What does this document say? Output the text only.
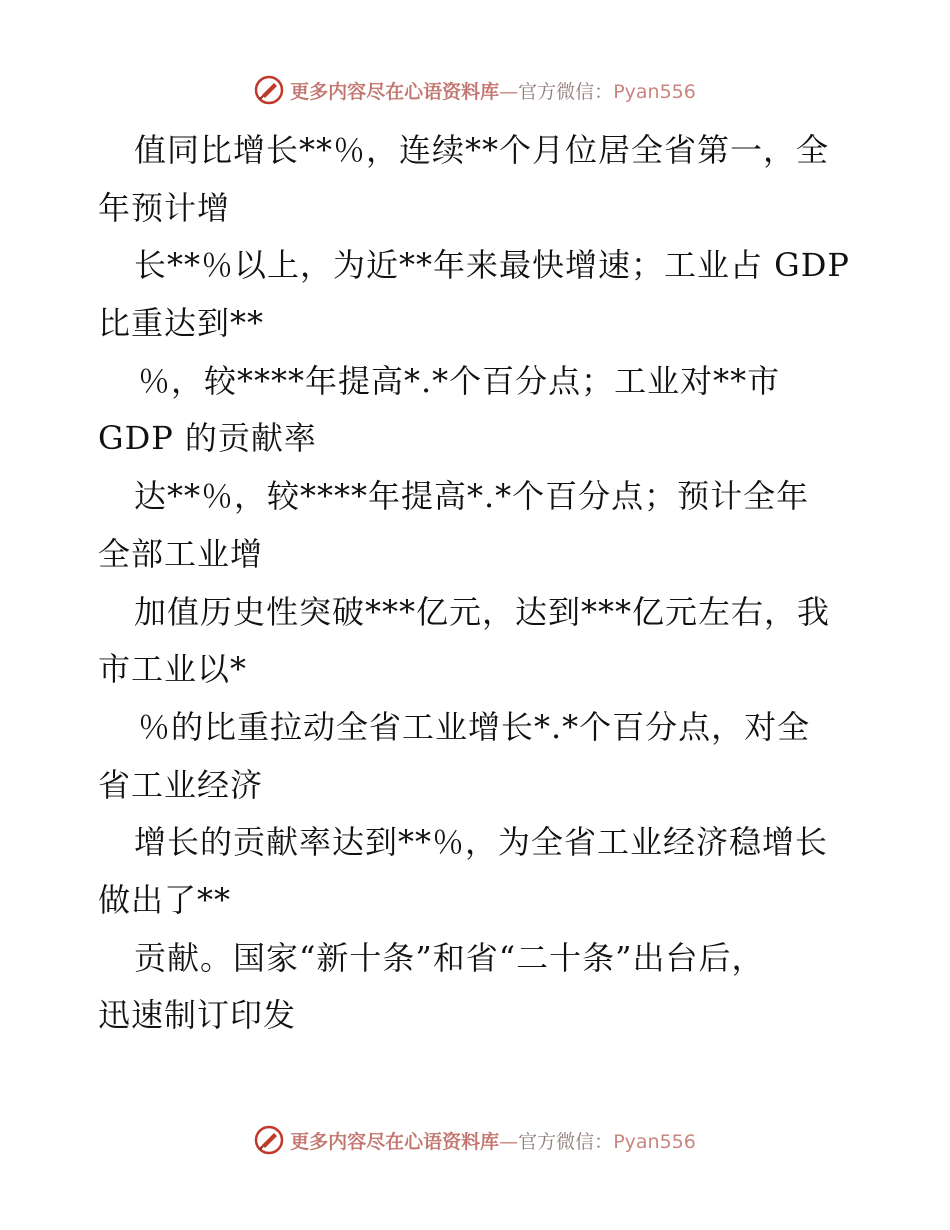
更多内容尽在心语资料库—官方微信：Pyan556
值同比增长**％，连续**个月位居全省第一，全
年预计增
长**％以上，为近**年来最快增速；工业占 GDP
比重达到**
％，较****年提高*.*个百分点；工业对**市
GDP 的贡献率
达**％，较****年提高*.*个百分点；预计全年
全部工业增
加值历史性突破***亿元，达到***亿元左右，我
市工业以*
％的比重拉动全省工业增长*.*个百分点，对全
省工业经济
增长的贡献率达到**％，为全省工业经济稳增长
做出了**
贡献。国家“新十条”和省“二十条”出台后，
迅速制订印发
更多内容尽在心语资料库—官方微信：Pyan556
